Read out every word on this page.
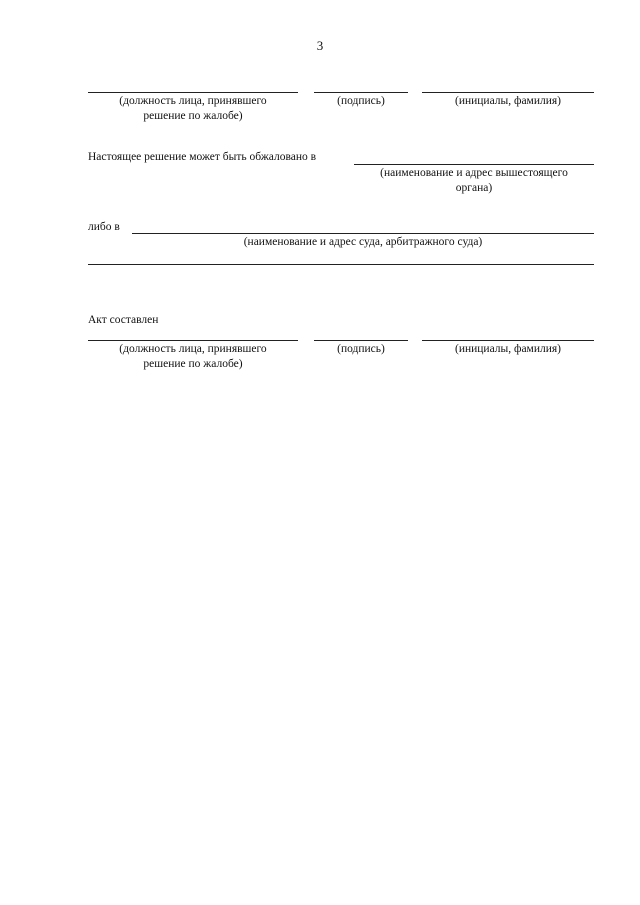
3
(должность лица, принявшего решение по жалобе)
(подпись)	(инициалы, фамилия)
Настоящее решение может быть обжаловано в
(наименование и адрес вышестоящего органа)
либо в
(наименование и адрес суда, арбитражного суда)
Акт составлен
(должность лица, принявшего решение по жалобе)
(подпись)	(инициалы, фамилия)
